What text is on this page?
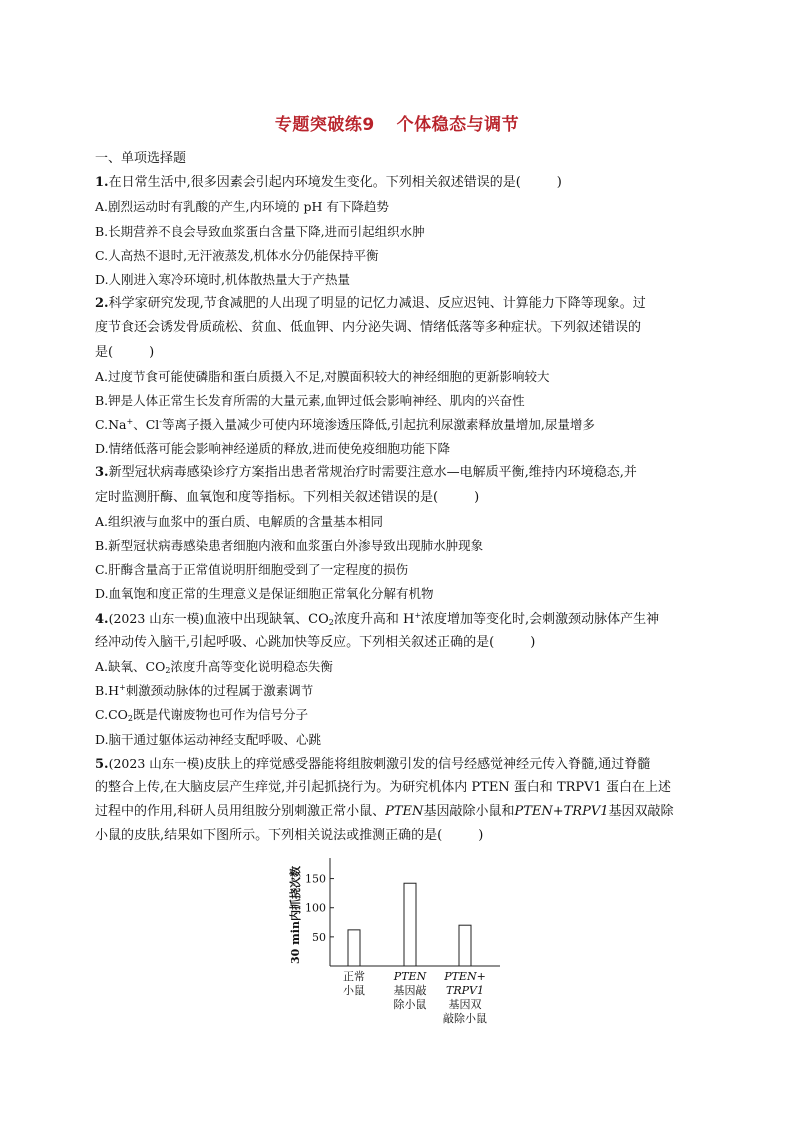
专题突破练9 个体稳态与调节
一、单项选择题
1.在日常生活中,很多因素会引起内环境发生变化。下列相关叙述错误的是(	)
A.剧烈运动时有乳酸的产生,内环境的 pH 有下降趋势
B.长期营养不良会导致血浆蛋白含量下降,进而引起组织水肿
C.人高热不退时,无汗液蒸发,机体水分仍能保持平衡
D.人刚进入寒冷环境时,机体散热量大于产热量
2.科学家研究发现,节食减肥的人出现了明显的记忆力减退、反应迟钝、计算能力下降等现象。过
度节食还会诱发骨质疏松、贫血、低血钾、内分泌失调、情绪低落等多种症状。下列叙述错误的
是(	)
A.过度节食可能使磷脂和蛋白质摄入不足,对膜面积较大的神经细胞的更新影响较大
B.钾是人体正常生长发育所需的大量元素,血钾过低会影响神经、肌肉的兴奋性
C.Na+、Cl-等离子摄入量减少可使内环境渗透压降低,引起抗利尿激素释放量增加,尿量增多
D.情绪低落可能会影响神经递质的释放,进而使免疫细胞功能下降
3.新型冠状病毒感染诊疗方案指出患者常规治疗时需要注意水—电解质平衡,维持内环境稳态,并
定时监测肝酶、血氧饱和度等指标。下列相关叙述错误的是(	)
A.组织液与血浆中的蛋白质、电解质的含量基本相同
B.新型冠状病毒感染患者细胞内液和血浆蛋白外渗导致出现肺水肿现象
C.肝酶含量高于正常值说明肝细胞受到了一定程度的损伤
D.血氧饱和度正常的生理意义是保证细胞正常氧化分解有机物
4.(2023 山东一模)血液中出现缺氧、$CO_2$浓度升高和 H+浓度增加等变化时,会刺激颈动脉体产生神
经冲动传入脑干,引起呼吸、心跳加快等反应。下列相关叙述正确的是(	)
A.缺氧、$CO_2$浓度升高等变化说明稳态失衡
B.H+刺激颈动脉体的过程属于激素调节
$C.CO_2$既是代谢废物也可作为信号分子
D.脑干通过躯体运动神经支配呼吸、心跳
5.(2023 山东一模)皮肤上的痒觉感受器能将组胺刺激引发的信号经感觉神经元传入脊髓,通过脊髓
的整合上传,在大脑皮层产生痒觉,并引起抓挠行为。为研究机体内 PTEN 蛋白和 TRPV1 蛋白在上述
过程中的作用,科研人员用组胺分别刺激正常小鼠、PTEN基因敲除小鼠和PTEN+TRPV1基因双敲除
小鼠的皮肤,结果如下图所示。下列相关说法或推测正确的是(	)
50
100
150
30 min内抓挠次数
正常
小鼠
PTEN
基因敲
除小鼠
PTEN+
TRPV1
基因双
敲除小鼠
